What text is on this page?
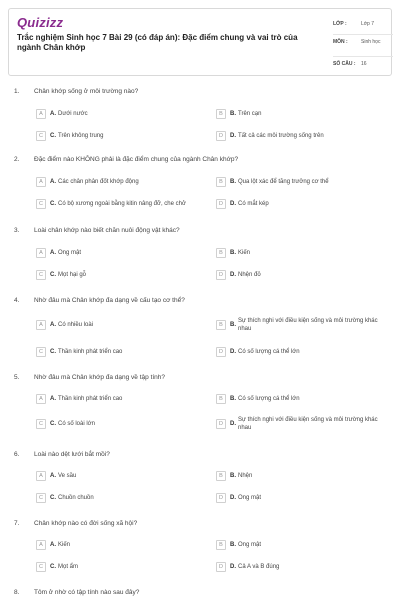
Quizizz
Trắc nghiệm Sinh học 7 Bài 29 (có đáp án): Đặc điểm chung và vai trò của ngành Chân khớp
LỚP :	Lớp 7
MÔN :	Sinh học
SỐ CÂU : 16
1. Chân khớp sống ở môi trường nào?
A	A. Dưới nước	B	B. Trên cạn
C	C. Trên không trung	D	D. Tất cả các môi trường sống trên
2. Đặc điểm nào KHÔNG phải là đặc điểm chung của ngành Chân khớp?
A	A. Các chân phân đốt khớp động	B	B. Qua lột xác để tăng trưởng cơ thể
C	C. Có bộ xương ngoài bằng kitin nâng đỡ, che chở	D	D. Có mắt kép
3. Loài chân khớp nào biết chăn nuôi động vật khác?
A	A. Ong mật	B	B. Kiến
C	C. Mọt hại gỗ	D	D. Nhện đỏ
4. Nhờ đâu mà Chân khớp đa dạng về cấu tạo cơ thể?
A	A. Có nhiều loài	B	B.
Sự thích nghi với điều kiện sống và môi trường khác nhau
C	C. Thần kinh phát triển cao	D	D. Có số lượng cá thể lớn
5. Nhờ đâu mà Chân khớp đa dạng về tập tính?
A	A. Thần kinh phát triển cao	B	B. Có số lượng cá thể lớn
C	C. Có số loài lớn	D	D.
Sự thích nghi với điều kiện sống và môi trường khác nhau
6. Loài nào dệt lưới bắt mồi?
A	A. Ve sầu	B	B. Nhện
C	C. Chuồn chuồn	D	D. Ong mật
7. Chân khớp nào có đời sống xã hội?
A	A. Kiến	B	B. Ong mật
C	C. Mọt ẩm	D	D. Cả A và B đúng
8. Tôm ở nhờ có tập tính nào sau đây?
